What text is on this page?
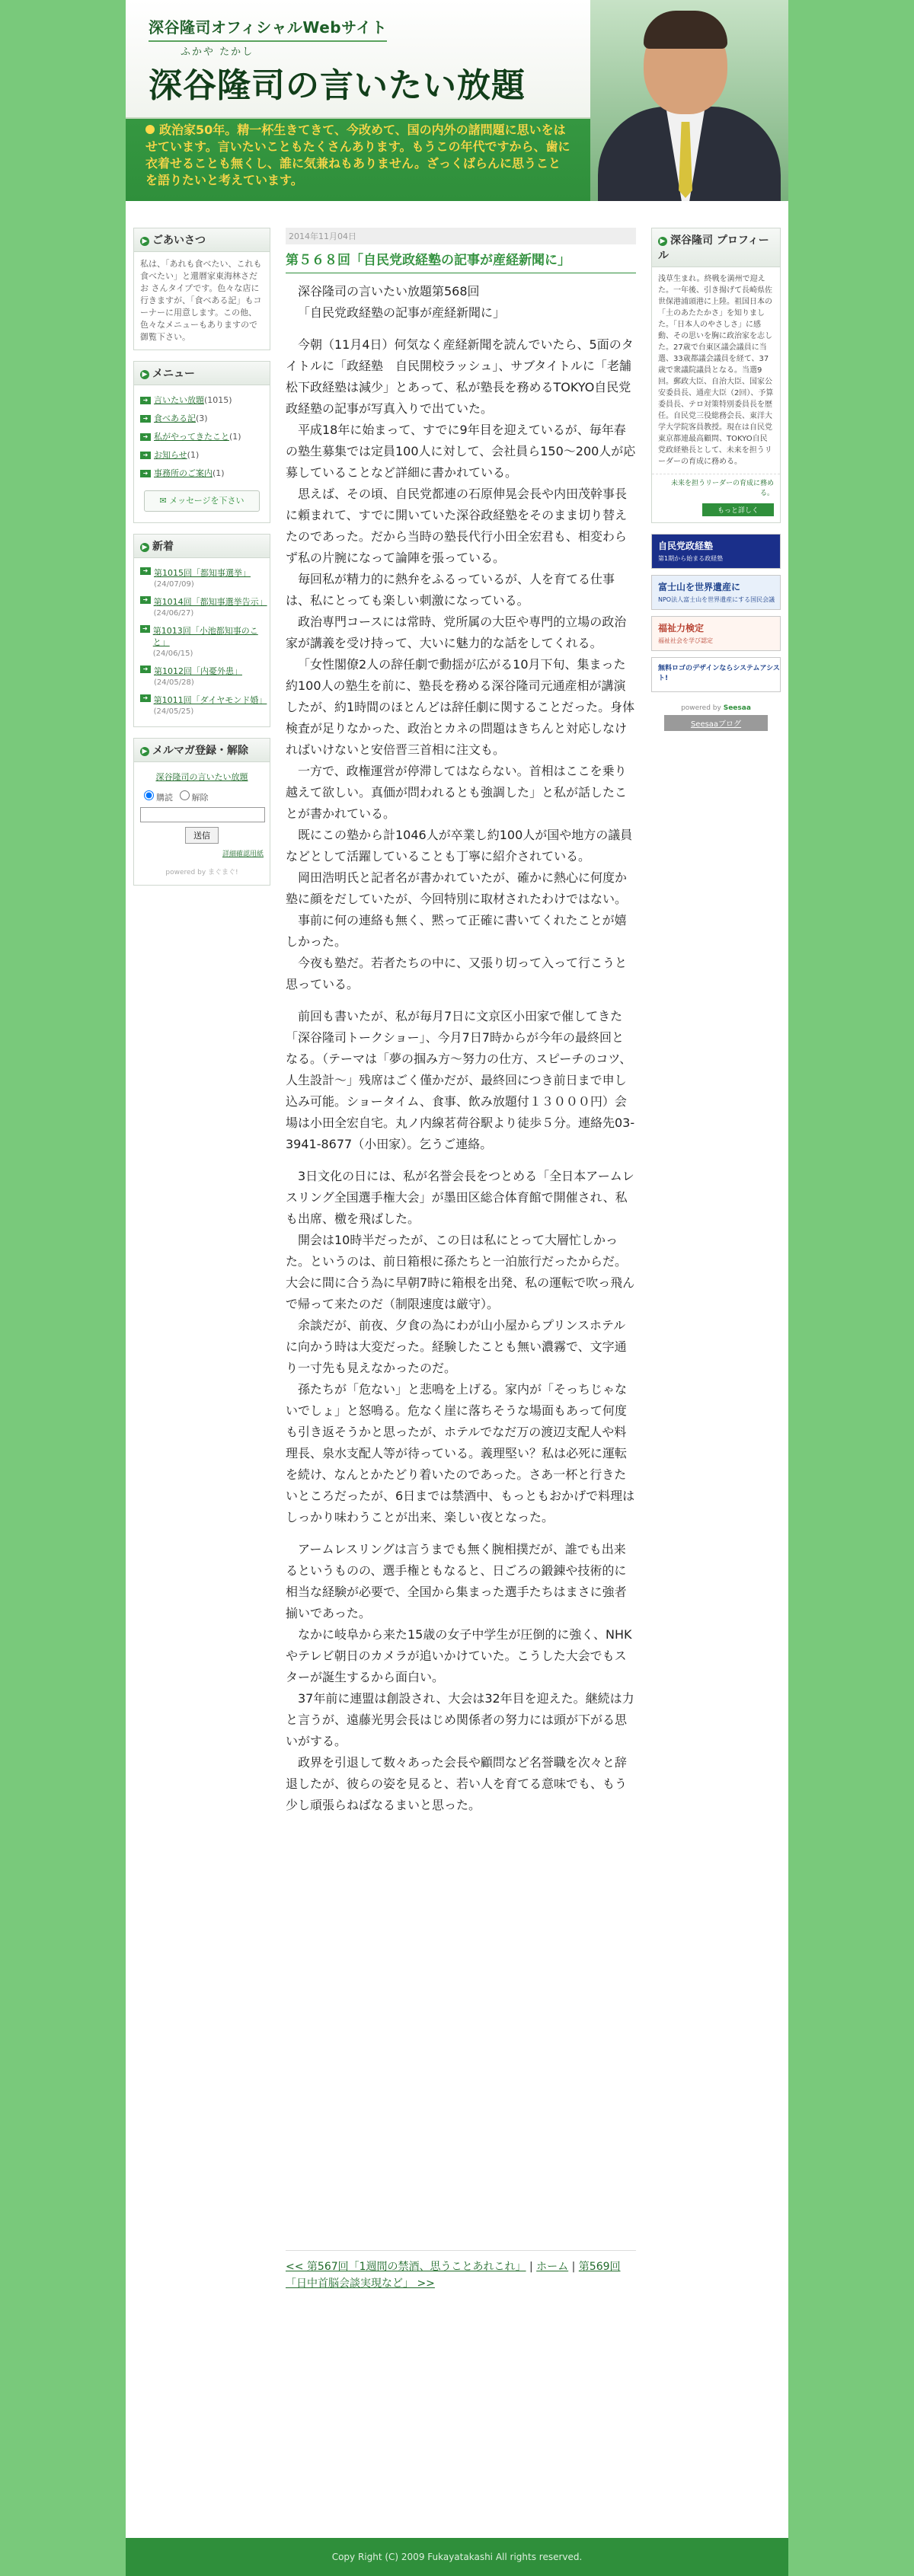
深谷隆司オフィシャルWebサイト
ふかや たかし
深谷隆司の言いたい放題
政治家50年。精一杯生きてきて、今改めて、国の内外の諸問題に思いをはせています。言いたいこともたくさんあります。もうこの年代ですから、歯に衣着せることも無くし、誰に気兼ねもありません。ざっくばらんに思うことを語りたいと考えています。
▶ ごあいさつ
私は、「あれも食べたい、これも食べたい」と還暦家東海林さだお さんタイプです。色々な店に行きますが、「食べある記」もコーナーに用意します。この他、色々なメニューもありますので御覧下さい。
▶ メニュー
➜ 言いたい放題 (1015)
➜ 食べある記 (3)
➜ 私がやってきたこと (1)
➜ お知らせ (1)
➜ 事務所のご案内 (1)
✉ メッセージを下さい
▶ 新着
➜ 第1015回「都知事選挙」
(24/07/09)
➜ 第1014回「都知事選挙告示」
(24/06/27)
➜ 第1013回「小池都知事のこと」
(24/06/15)
➜ 第1012回「内憂外患」
(24/05/28)
➜ 第1011回「ダイヤモンド婚」
(24/05/25)
▶ メルマガ登録・解除
深谷隆司の言いたい放題
購読 解除
送信
詳細確認用紙
powered by まぐまぐ!
2014年11月04日
第５６８回「自民党政経塾の記事が産経新聞に」

深谷隆司の言いたい放題第568回

「自民党政経塾の記事が産経新聞に」

今朝（11月4日）何気なく産経新聞を読んでいたら、5面のタイトルに「政経塾　自民開校ラッシュ」、サブタイトルに「老舗松下政経塾は減少」とあって、私が塾長を務めるTOKYO自民党政経塾の記事が写真入りで出ていた。

平成18年に始まって、すでに9年目を迎えているが、毎年春の塾生募集では定員100人に対して、会社員ら150～200人が応募していることなど詳細に書かれている。

思えば、その頃、自民党都連の石原伸晃会長や内田茂幹事長に頼まれて、すでに開いていた深谷政経塾をそのまま切り替えたのであった。だから当時の塾長代行小田全宏君も、相変わらず私の片腕になって論陣を張っている。

毎回私が精力的に熱弁をふるっているが、人を育てる仕事は、私にとっても楽しい刺激になっている。

政治専門コースには常時、党所属の大臣や専門的立場の政治家が講義を受け持って、大いに魅力的な話をしてくれる。

「女性閣僚2人の辞任劇で動揺が広がる10月下旬、集まった約100人の塾生を前に、塾長を務める深谷隆司元通産相が講演したが、約1時間のほとんどは辞任劇に関することだった。身体検査が足りなかった、政治とカネの問題はきちんと対応しなければいけないと安倍晋三首相に注文も。

一方で、政権運営が停滞してはならない。首相はここを乗り越えて欲しい。真価が問われるとも強調した」と私が話したことが書かれている。

既にこの塾から計1046人が卒業し約100人が国や地方の議員などとして活躍していることも丁寧に紹介されている。

岡田浩明氏と記者名が書かれていたが、確かに熱心に何度か塾に顔をだしていたが、今回特別に取材されたわけではない。

事前に何の連絡も無く、黙って正確に書いてくれたことが嬉しかった。

今夜も塾だ。若者たちの中に、又張り切って入って行こうと思っている。

前回も書いたが、私が毎月7日に文京区小田家で催してきた「深谷隆司トークショー」、今月7日7時からが今年の最終回となる。（テーマは「夢の掴み方～努力の仕方、スピーチのコツ、人生設計～」残席はごく僅かだが、最終回につき前日まで申し込み可能。ショータイム、食事、飲み放題付１３０００円）会場は小田全宏自宅。丸ノ内線茗荷谷駅より徒歩５分。連絡先03-3941-8677（小田家）。乞うご連絡。

3日文化の日には、私が名誉会長をつとめる「全日本アームレスリング全国選手権大会」が墨田区総合体育館で開催され、私も出席、檄を飛ばした。

開会は10時半だったが、この日は私にとって大層忙しかった。というのは、前日箱根に孫たちと一泊旅行だったからだ。大会に間に合う為に早朝7時に箱根を出発、私の運転で吹っ飛んで帰って来たのだ（制限速度は厳守）。

余談だが、前夜、夕食の為にわが山小屋からプリンスホテルに向かう時は大変だった。経験したことも無い濃霧で、文字通り一寸先も見えなかったのだ。

孫たちが「危ない」と悲鳴を上げる。家内が「そっちじゃないでしょ」と怒鳴る。危なく崖に落ちそうな場面もあって何度も引き返そうかと思ったが、ホテルでなだ万の渡辺支配人や料理長、泉水支配人等が待っている。義理堅い？私は必死に運転を続け、なんとかたどり着いたのであった。さあ一杯と行きたいところだったが、6日までは禁酒中、もっともおかげで料理はしっかり味わうことが出来、楽しい夜となった。

アームレスリングは言うまでも無く腕相撲だが、誰でも出来るというものの、選手権ともなると、日ごろの鍛錬や技術的に相当な経験が必要で、全国から集まった選手たちはまさに強者揃いであった。

なかに岐阜から来た15歳の女子中学生が圧倒的に強く、NHKやテレビ朝日のカメラが追いかけていた。こうした大会でもスターが誕生するから面白い。

37年前に連盟は創設され、大会は32年目を迎えた。継続は力と言うが、遠藤光男会長はじめ関係者の努力には頭が下がる思いがする。

政界を引退して数々あった会長や顧問など名誉職を次々と辞退したが、彼らの姿を見ると、若い人を育てる意味でも、もう少し頑張らねばなるまいと思った。

▶ 深谷隆司 プロフィール
浅草生まれ。終戦を満州で迎えた。一年後、引き揚げて長崎県佐世保港浦頭港に上陸。祖国日本の「土のあたたかさ」を知りました。「日本人のやさしさ」に感動、その思いを胸に政治家を志した。27歳で台東区議会議員に当選、33歳都議会議員を経て、37歳で衆議院議員となる。当選9回。郵政大臣、自治大臣、国家公安委員長、通産大臣（2回）、予算委員長、テロ対策特別委員長を歴任。自民党三役総務会長、東洋大学大学院客員教授。現在は自民党東京都連最高顧問、TOKYO自民党政経塾長として、未来を担うリーダーの育成に務める。
未来を担うリーダーの育成に務める。
もっと詳しく
自民党政経塾
第1期から始まる政経塾
富士山を世界遺産に
NPO法人富士山を世界遺産にする国民会議
福祉力検定
福祉社会を学び認定
無料ロゴのデザインならシステムアシスト!
powered by Seesaa
Seesaaブログ
<< 第567回「1週間の禁酒、思うことあれこれ」 | ホーム | 第569回「日中首脳会談実現など」 >>
Copy Right (C) 2009 Fukayatakashi All rights reserved.
